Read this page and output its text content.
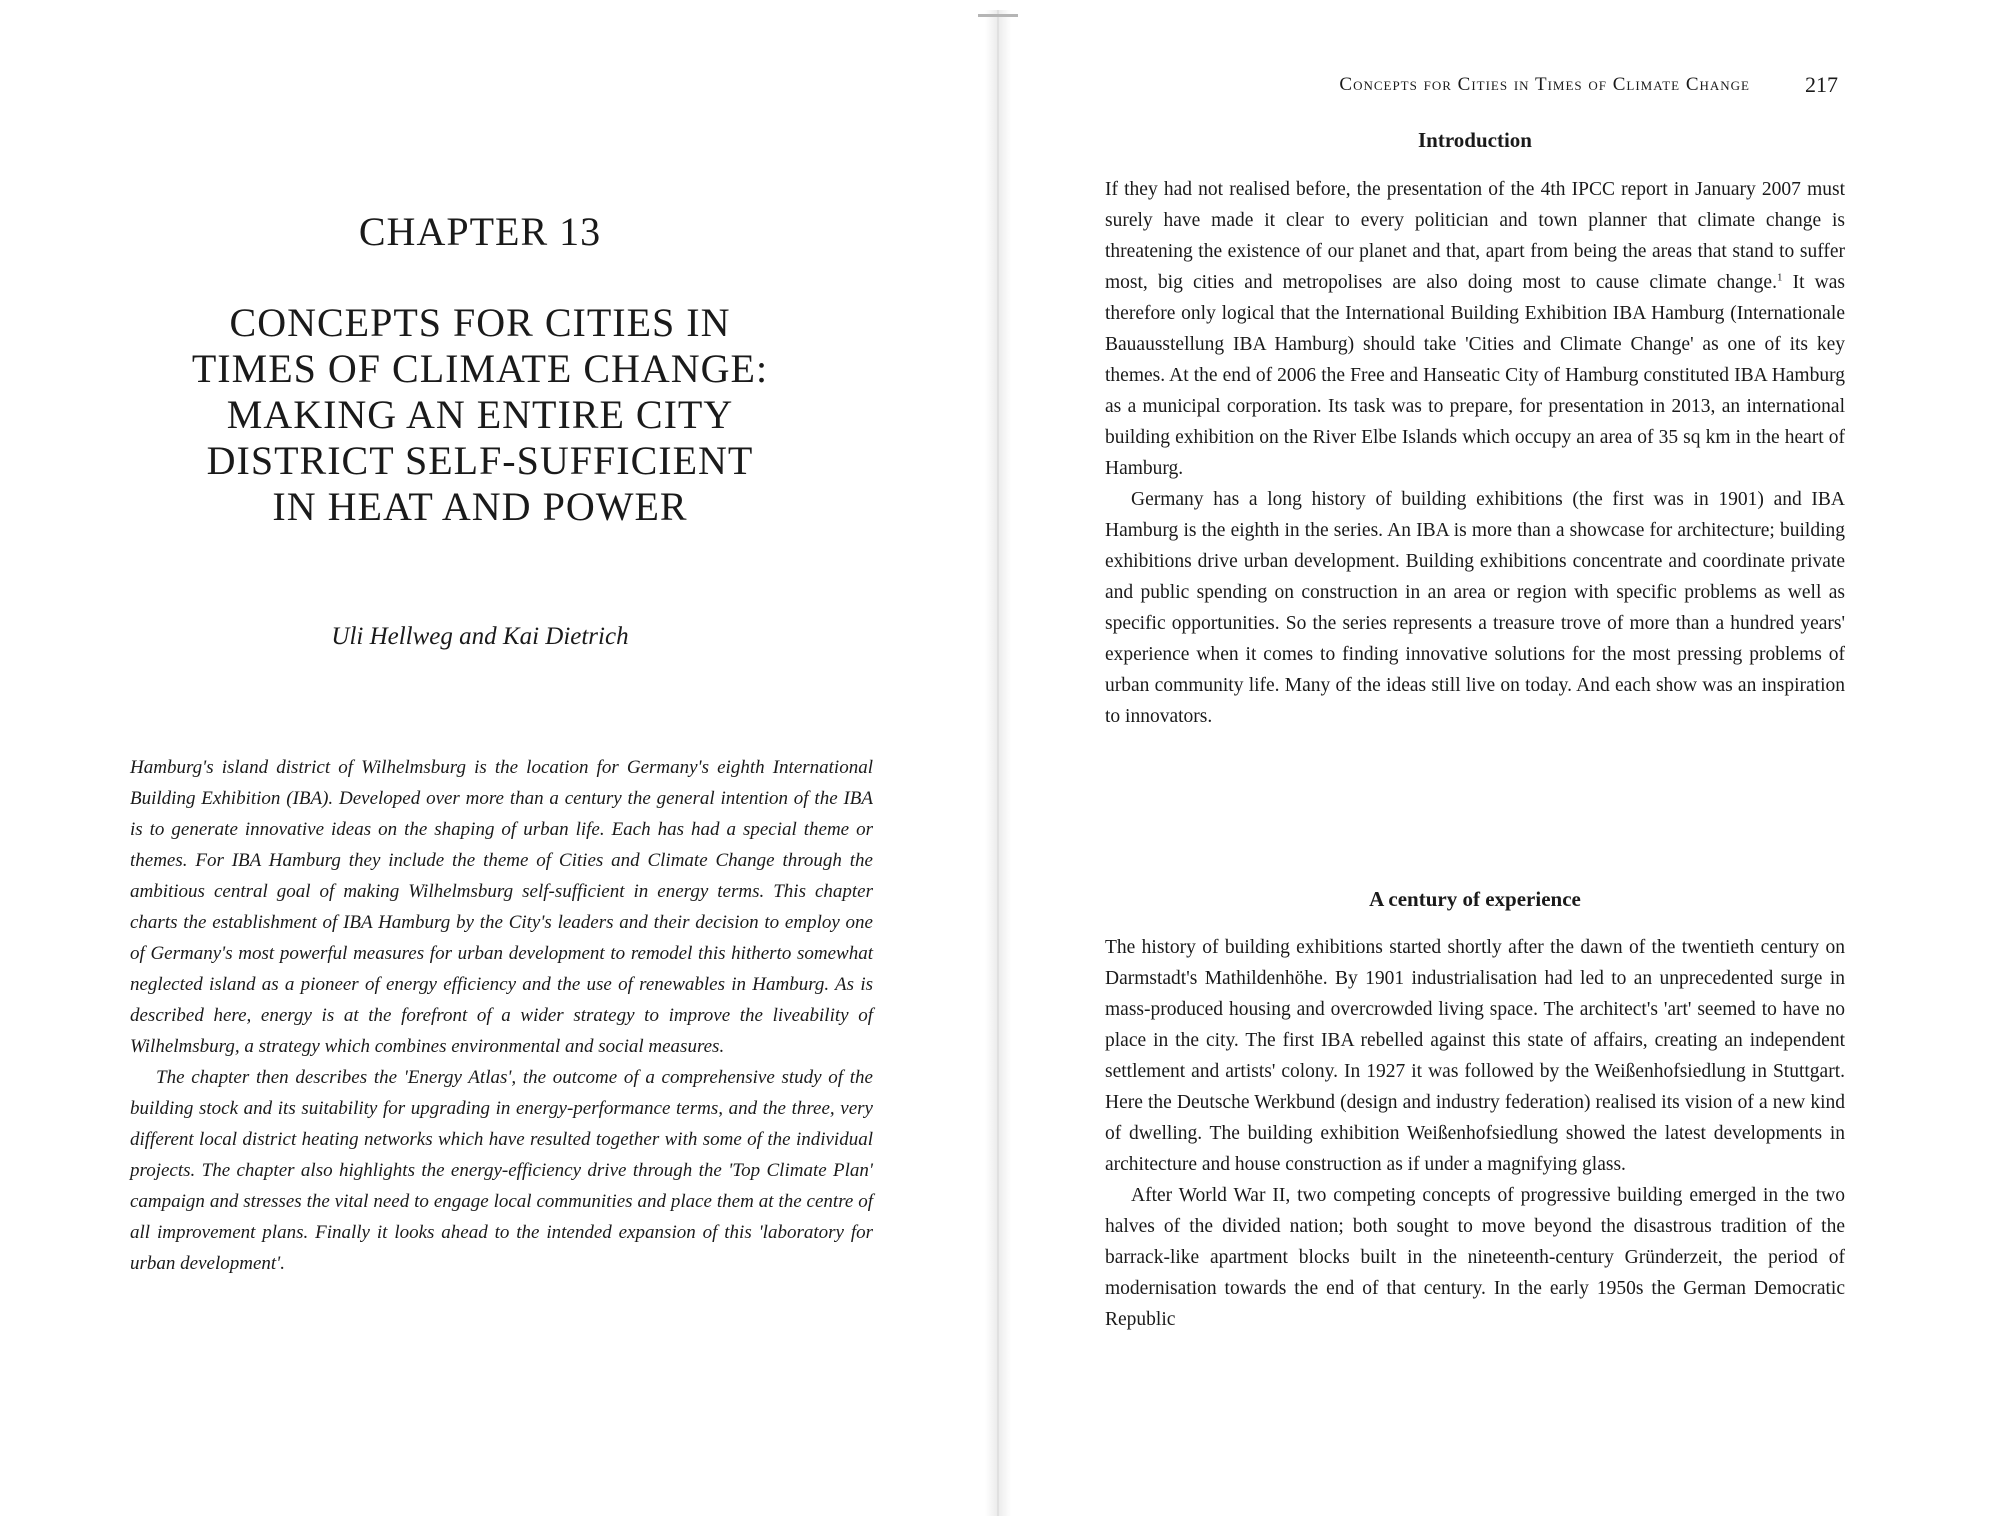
CHAPTER 13
CONCEPTS FOR CITIES IN
TIMES OF CLIMATE CHANGE:
MAKING AN ENTIRE CITY
DISTRICT SELF-SUFFICIENT
IN HEAT AND POWER
Uli Hellweg and Kai Dietrich

Hamburg's island district of Wilhelmsburg is the location for Germany's eighth International Building Exhibition (IBA). Developed over more than a century the general intention of the IBA is to generate innovative ideas on the shaping of urban life. Each has had a special theme or themes. For IBA Hamburg they include the theme of Cities and Climate Change through the ambitious central goal of making Wilhelmsburg self-sufficient in energy terms. This chapter charts the establishment of IBA Hamburg by the City's leaders and their decision to employ one of Germany's most powerful measures for urban development to remodel this hitherto somewhat neglected island as a pioneer of energy efficiency and the use of renewables in Hamburg. As is described here, energy is at the forefront of a wider strategy to improve the liveability of Wilhelmsburg, a strategy which combines environmental and social measures.

The chapter then describes the 'Energy Atlas', the outcome of a comprehensive study of the building stock and its suitability for upgrading in energy-performance terms, and the three, very different local district heating networks which have resulted together with some of the individual projects. The chapter also highlights the energy-efficiency drive through the 'Top Climate Plan' campaign and stresses the vital need to engage local communities and place them at the centre of all improvement plans. Finally it looks ahead to the intended expansion of this 'laboratory for urban development'.

Concepts for Cities in Times of Climate Change	217
Introduction

If they had not realised before, the presentation of the 4th IPCC report in January 2007 must surely have made it clear to every politician and town planner that climate change is threatening the existence of our planet and that, apart from being the areas that stand to suffer most, big cities and metropolises are also doing most to cause climate change.$^1$ It was therefore only logical that the International Building Exhibition IBA Hamburg (Internationale Bauausstellung IBA Hamburg) should take 'Cities and Climate Change' as one of its key themes. At the end of 2006 the Free and Hanseatic City of Hamburg constituted IBA Hamburg as a municipal corporation. Its task was to prepare, for presentation in 2013, an international building exhibition on the River Elbe Islands which occupy an area of 35 sq km in the heart of Hamburg.

Germany has a long history of building exhibitions (the first was in 1901) and IBA Hamburg is the eighth in the series. An IBA is more than a showcase for architecture; building exhibitions drive urban development. Building exhibitions concentrate and coordinate private and public spending on construction in an area or region with specific problems as well as specific opportunities. So the series represents a treasure trove of more than a hundred years' experience when it comes to finding innovative solutions for the most pressing problems of urban community life. Many of the ideas still live on today. And each show was an inspiration to innovators.

A century of experience

The history of building exhibitions started shortly after the dawn of the twentieth century on Darmstadt's Mathildenhöhe. By 1901 industrialisation had led to an unprecedented surge in mass-produced housing and overcrowded living space. The architect's 'art' seemed to have no place in the city. The first IBA rebelled against this state of affairs, creating an independent settlement and artists' colony. In 1927 it was followed by the Weißenhofsiedlung in Stuttgart. Here the Deutsche Werkbund (design and industry federation) realised its vision of a new kind of dwelling. The building exhibition Weißenhofsiedlung showed the latest developments in architecture and house construction as if under a magnifying glass.

After World War II, two competing concepts of progressive building emerged in the two halves of the divided nation; both sought to move beyond the disastrous tradition of the barrack-like apartment blocks built in the nineteenth-century Gründerzeit, the period of modernisation towards the end of that century. In the early 1950s the German Democratic Republic
